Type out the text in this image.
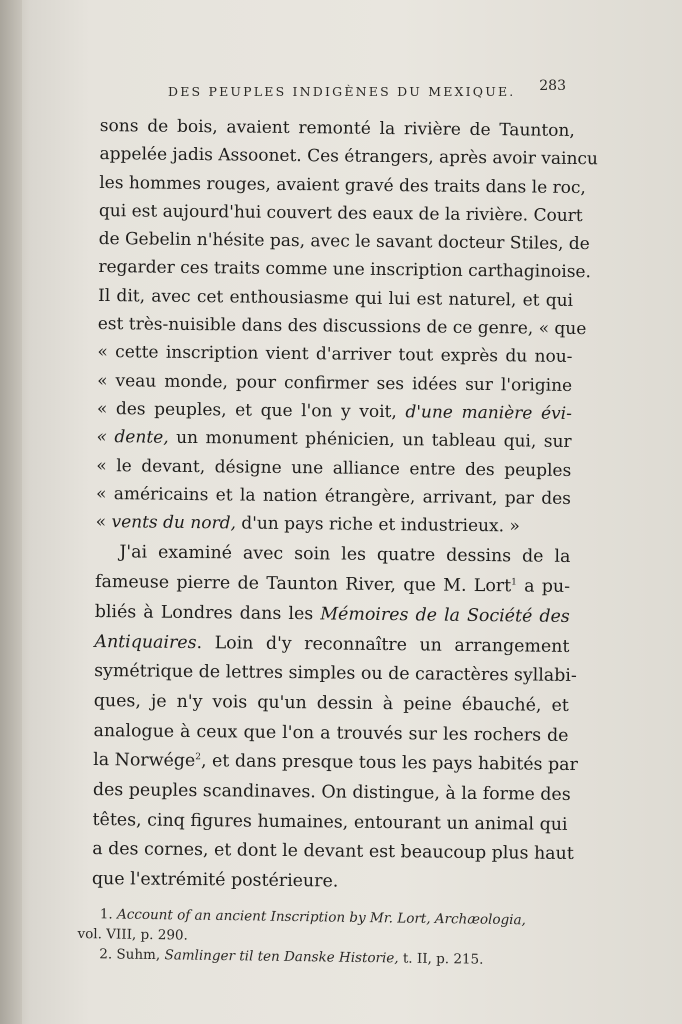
DES PEUPLES INDIGÈNES DU MEXIQUE. 283
sons de bois, avaient remonté la rivière de Taunton,
appelée jadis Assoonet. Ces étrangers, après avoir vaincu
les hommes rouges, avaient gravé des traits dans le roc,
qui est aujourd'hui couvert des eaux de la rivière. Court
de Gebelin n'hésite pas, avec le savant docteur Stiles, de
regarder ces traits comme une inscription carthaginoise.
Il dit, avec cet enthousiasme qui lui est naturel, et qui
est très-nuisible dans des discussions de ce genre, « que
« cette inscription vient d'arriver tout exprès du nou-
« veau monde, pour confirmer ses idées sur l'origine
« des peuples, et que l'on y voit, d'une manière évi-
« dente, un monument phénicien, un tableau qui, sur
« le devant, désigne une alliance entre des peuples
« américains et la nation étrangère, arrivant, par des
« vents du nord, d'un pays riche et industrieux. »
J'ai examiné avec soin les quatre dessins de la
fameuse pierre de Taunton River, que M. Lort$^1$ a pu-
bliés à Londres dans les Mémoires de la Société des
Antiquaires. Loin d'y reconnaître un arrangement
symétrique de lettres simples ou de caractères syllabi-
ques, je n'y vois qu'un dessin à peine ébauché, et
analogue à ceux que l'on a trouvés sur les rochers de
la Norwége$^2$, et dans presque tous les pays habités par
des peuples scandinaves. On distingue, à la forme des
têtes, cinq figures humaines, entourant un animal qui
a des cornes, et dont le devant est beaucoup plus haut
que l'extrémité postérieure.
1. Account of an ancient Inscription by Mr. Lort, Archæologia,
vol. VIII, p. 290.
2. Suhm, Samlinger til ten Danske Historie, t. II, p. 215.
